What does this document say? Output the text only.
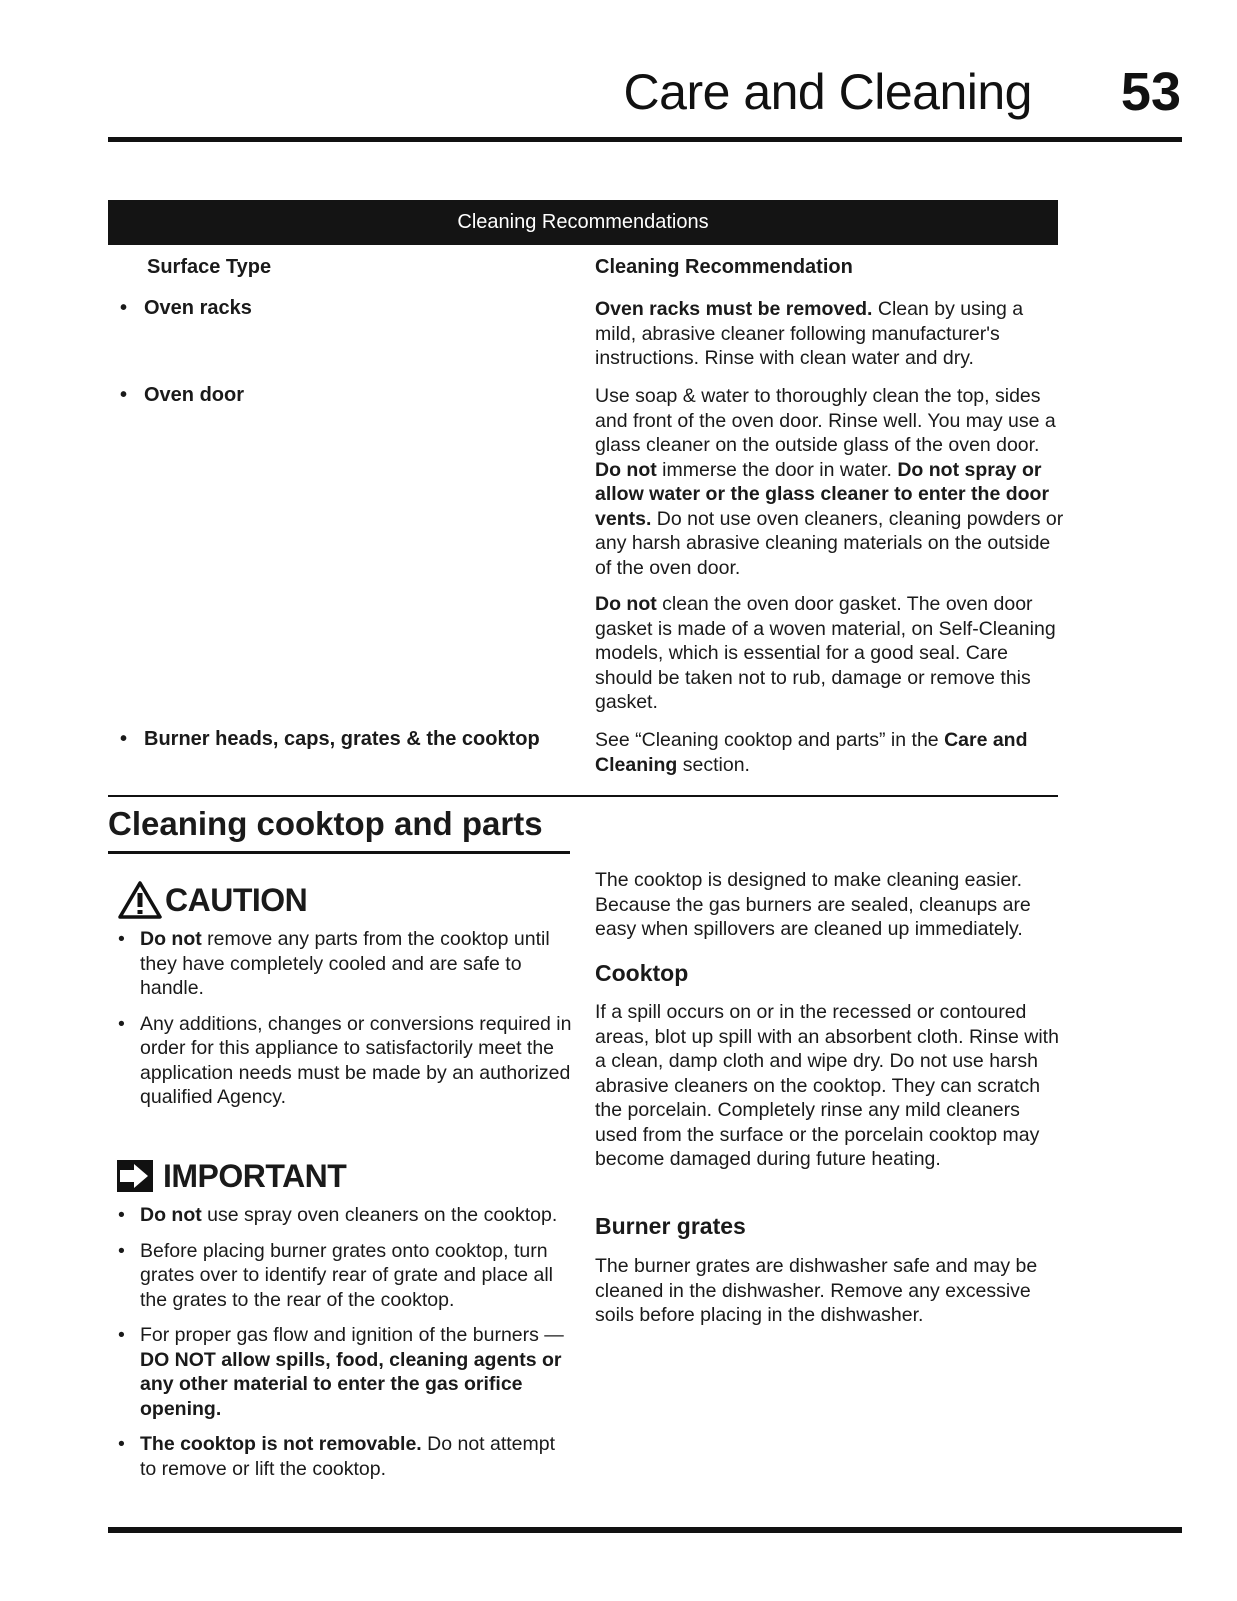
Care and Cleaning 53
Cleaning Recommendations
Surface Type	Cleaning Recommendation
• Oven racks	Oven racks must be removed. Clean by using a mild, abrasive cleaner following manufacturer's instructions. Rinse with clean water and dry.

• Oven door	Use soap & water to thoroughly clean the top, sides and front of the oven door. Rinse well. You may use a glass cleaner on the outside glass of the oven door. Do not immerse the door in water. Do not spray or allow water or the glass cleaner to enter the door vents. Do not use oven cleaners, cleaning powders or any harsh abrasive cleaning materials on the outside of the oven door.

Do not clean the oven door gasket. The oven door gasket is made of a woven material, on Self-Cleaning models, which is essential for a good seal. Care should be taken not to rub, damage or remove this gasket.

• Burner heads, caps, grates & the cooktop	See “Cleaning cooktop and parts” in the Care and Cleaning section.

Cleaning cooktop and parts
CAUTION
• Do not remove any parts from the cooktop until they have completely cooled and are safe to handle.
• Any additions, changes or conversions required in order for this appliance to satisfactorily meet the application needs must be made by an authorized qualified Agency.
IMPORTANT
• Do not use spray oven cleaners on the cooktop.
• Before placing burner grates onto cooktop, turn grates over to identify rear of grate and place all the grates to the rear of the cooktop.
• For proper gas flow and ignition of the burners — DO NOT allow spills, food, cleaning agents or any other material to enter the gas orifice opening.
• The cooktop is not removable. Do not attempt to remove or lift the cooktop.

The cooktop is designed to make cleaning easier. Because the gas burners are sealed, cleanups are easy when spillovers are cleaned up immediately.

Cooktop

If a spill occurs on or in the recessed or contoured areas, blot up spill with an absorbent cloth. Rinse with a clean, damp cloth and wipe dry. Do not use harsh abrasive cleaners on the cooktop. They can scratch the porcelain. Completely rinse any mild cleaners used from the surface or the porcelain cooktop may become damaged during future heating.

Burner grates

The burner grates are dishwasher safe and may be cleaned in the dishwasher. Remove any excessive soils before placing in the dishwasher.
